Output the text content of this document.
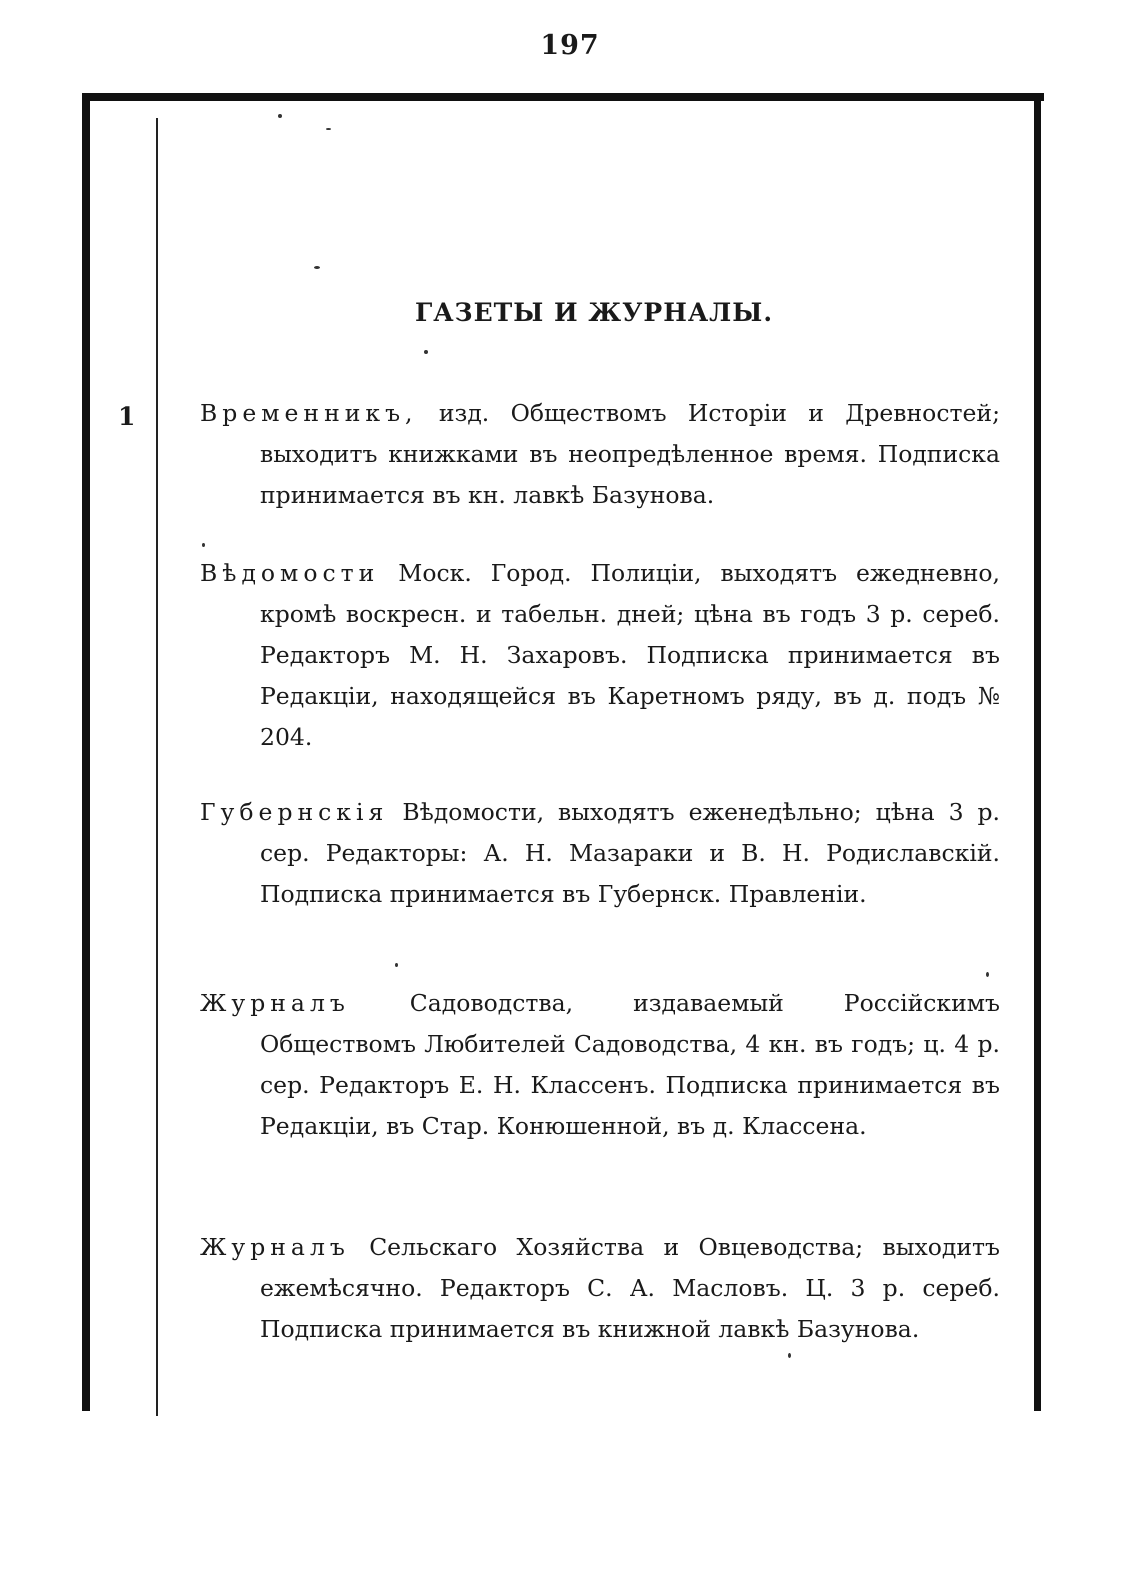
197
ГАЗЕТЫ И ЖУРНАЛЫ.
1	Временникъ, изд. Обществомъ Исторіи и Древностей; выходитъ книжками въ неопредѣленное время. Подписка принимается въ кн. лавкѣ Базунова.
Вѣдомости Моск. Город. Полиціи, выходятъ ежедневно, кромѣ воскресн. и табельн. дней; цѣна въ годъ 3 р. сереб. Редакторъ М. Н. Захаровъ. Подписка принимается въ Редакціи, находящейся въ Каретномъ ряду, въ д. подъ № 204.
Губернскія Вѣдомости, выходятъ еженедѣльно; цѣна 3 р. сер. Редакторы: А. Н. Мазараки и В. Н. Родиславскій. Подписка принимается въ Губернск. Правленіи.
Журналъ	Садоводства, издаваемый Россійскимъ Обществомъ Любителей Садоводства, 4 кн. въ годъ; ц. 4 р. сер. Редакторъ Е. Н. Классенъ. Подписка принимается въ Редакціи, въ Стар. Конюшенной, въ д. Классена.
Журналъ Сельскаго Хозяйства и Овцеводства; выходитъ ежемѣсячно. Редакторъ С. А. Масловъ. Ц. 3 р. сереб. Подписка принимается въ книжной лавкѣ Базунова.
